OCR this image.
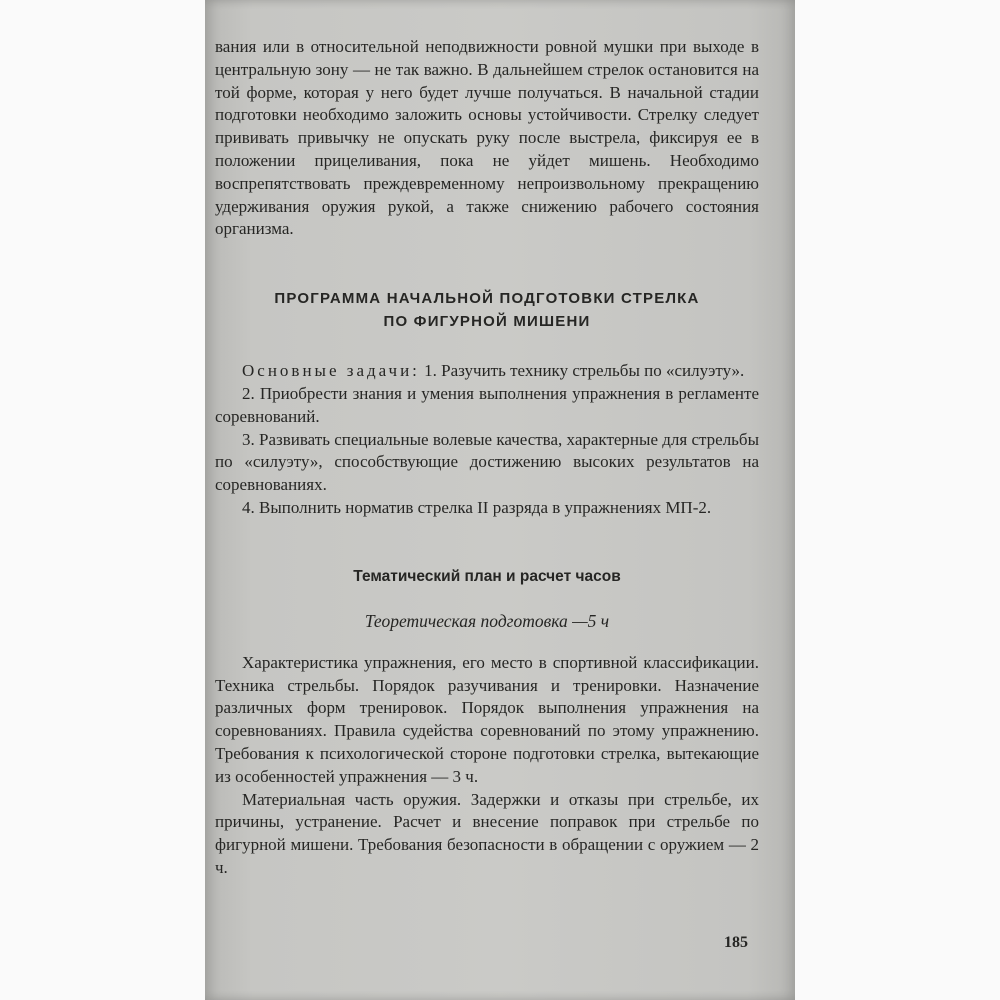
вания или в относительной неподвижности ровной мушки при выходе в центральную зону — не так важно. В дальнейшем стрелок остановится на той форме, которая у него будет лучше получаться. В начальной стадии подготовки необходимо заложить основы устойчивости. Стрелку следует прививать привычку не опускать руку после выстрела, фиксируя ее в положении прицеливания, пока не уйдет мишень. Необходимо воспрепятствовать преждевременному непроизвольному прекращению удерживания оружия рукой, а также снижению рабочего состояния организма.

ПРОГРАММА НАЧАЛЬНОЙ ПОДГОТОВКИ СТРЕЛКА

ПО ФИГУРНОЙ МИШЕНИ

Основные задачи: 1. Разучить технику стрельбы по «силуэту».

2. Приобрести знания и умения выполнения упражнения в регламенте соревнований.

3. Развивать специальные волевые качества, характерные для стрельбы по «силуэту», способствующие достижению высоких результатов на соревнованиях.

4. Выполнить норматив стрелка II разряда в упражнениях МП-2.

Тематический план и расчет часов

Теоретическая подготовка —5 ч

Характеристика упражнения, его место в спортивной классификации. Техника стрельбы. Порядок разучивания и тренировки. Назначение различных форм тренировок. Порядок выполнения упражнения на соревнованиях. Правила судейства соревнований по этому упражнению. Требования к психологической стороне подготовки стрелка, вытекающие из особенностей упражнения — 3 ч.

Материальная часть оружия. Задержки и отказы при стрельбе, их причины, устранение. Расчет и внесение поправок при стрельбе по фигурной мишени. Требования безопасности в обращении с оружием — 2 ч.

185
